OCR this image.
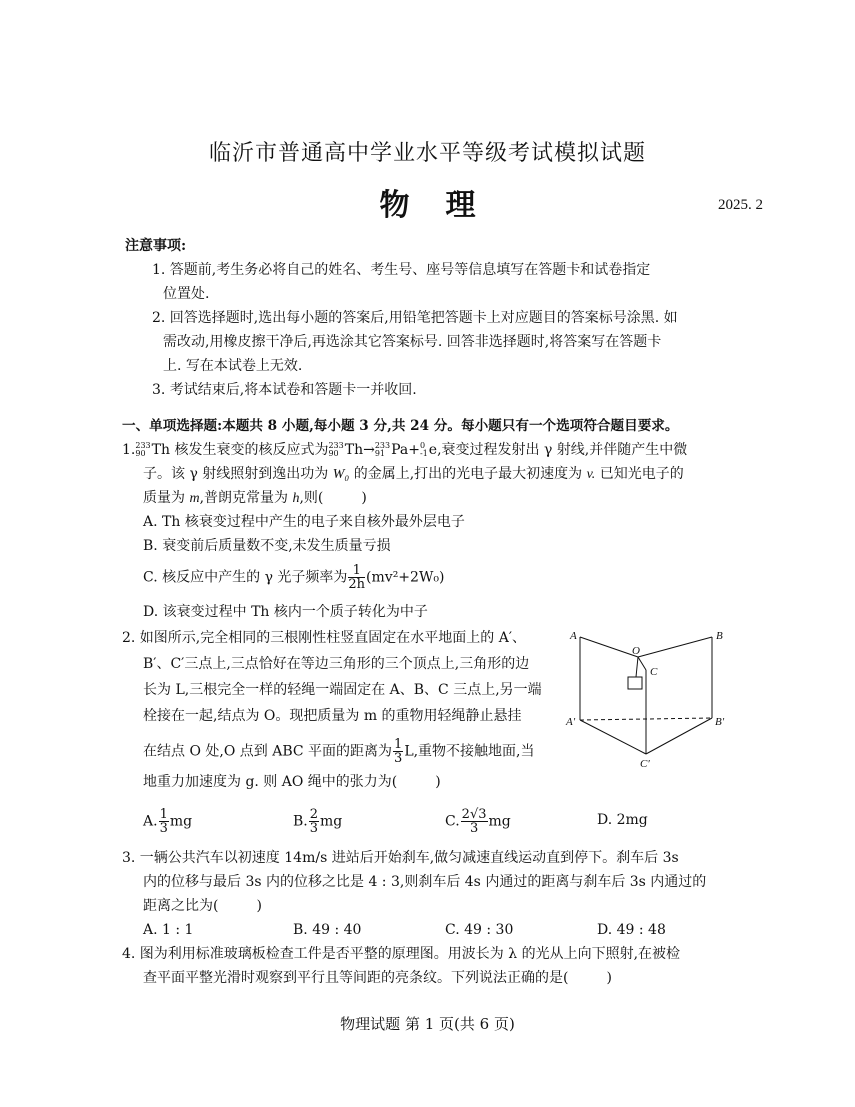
临沂市普通高中学业水平等级考试模拟试题
物理	2025. 2
注意事项:
1. 答题前,考生务必将自己的姓名、考生号、座号等信息填写在答题卡和试卷指定
位置处.
2. 回答选择题时,选出每小题的答案后,用铅笔把答题卡上对应题目的答案标号涂黑. 如
需改动,用橡皮擦干净后,再选涂其它答案标号. 回答非选择题时,将答案写在答题卡
上. 写在本试卷上无效.
3. 考试结束后,将本试卷和答题卡一并收回.
一、单项选择题:本题共 8 小题,每小题 3 分,共 24 分。每小题只有一个选项符合题目要求。
1. 233
90 Th 核发生衰变的核反应式为 233
90 Th→ 233
91 Pa+ 0
-1 e,衰变过程发射出 γ 射线,并伴随产生中微
子。该 γ 射线照射到逸出功为 W₀ 的金属上,打出的光电子最大初速度为 v. 已知光电子的
质量为 m,普朗克常量为 h,则(	)
A. Th 核衰变过程中产生的电子来自核外最外层电子
B. 衰变前后质量数不变,未发生质量亏损
C. 核反应中产生的 γ 光子频率为 $\frac{1}{2h} (mv^2+2W_0)$
D. 该衰变过程中 Th 核内一个质子转化为中子
2. 如图所示,完全相同的三根刚性柱竖直固定在水平地面上的 A′、
B′、C′三点上,三点恰好在等边三角形的三个顶点上,三角形的边
长为 L,三根完全一样的轻绳一端固定在 A、B、C 三点上,另一端
栓接在一起,结点为 O。现把质量为 m 的重物用轻绳静止悬挂
在结点 O 处,O 点到 ABC 平面的距离为 $\frac{1}{3} L$,重物不接触地面,当
地重力加速度为 g. 则 AO 绳中的张力为(	)
A. $\frac{1}{3}$ mg	B. $\frac{2}{3}$ mg	C. $\frac{2√3}{3}$ mg	D. 2mg
A	B
O
C
A′	B′
C′
3. 一辆公共汽车以初速度 14m/s 进站后开始刹车,做匀减速直线运动直到停下。刹车后 3s
内的位移与最后 3s 内的位移之比是 4 : 3,则刹车后 4s 内通过的距离与刹车后 3s 内通过的
距离之比为(	)
A. 1 : 1	B. 49 : 40	C. 49 : 30	D. 49 : 48
4. 图为利用标准玻璃板检查工件是否平整的原理图。用波长为 λ 的光从上向下照射,在被检
查平面平整光滑时观察到平行且等间距的亮条纹。下列说法正确的是(	)
物理试题 第 1 页(共 6 页)
